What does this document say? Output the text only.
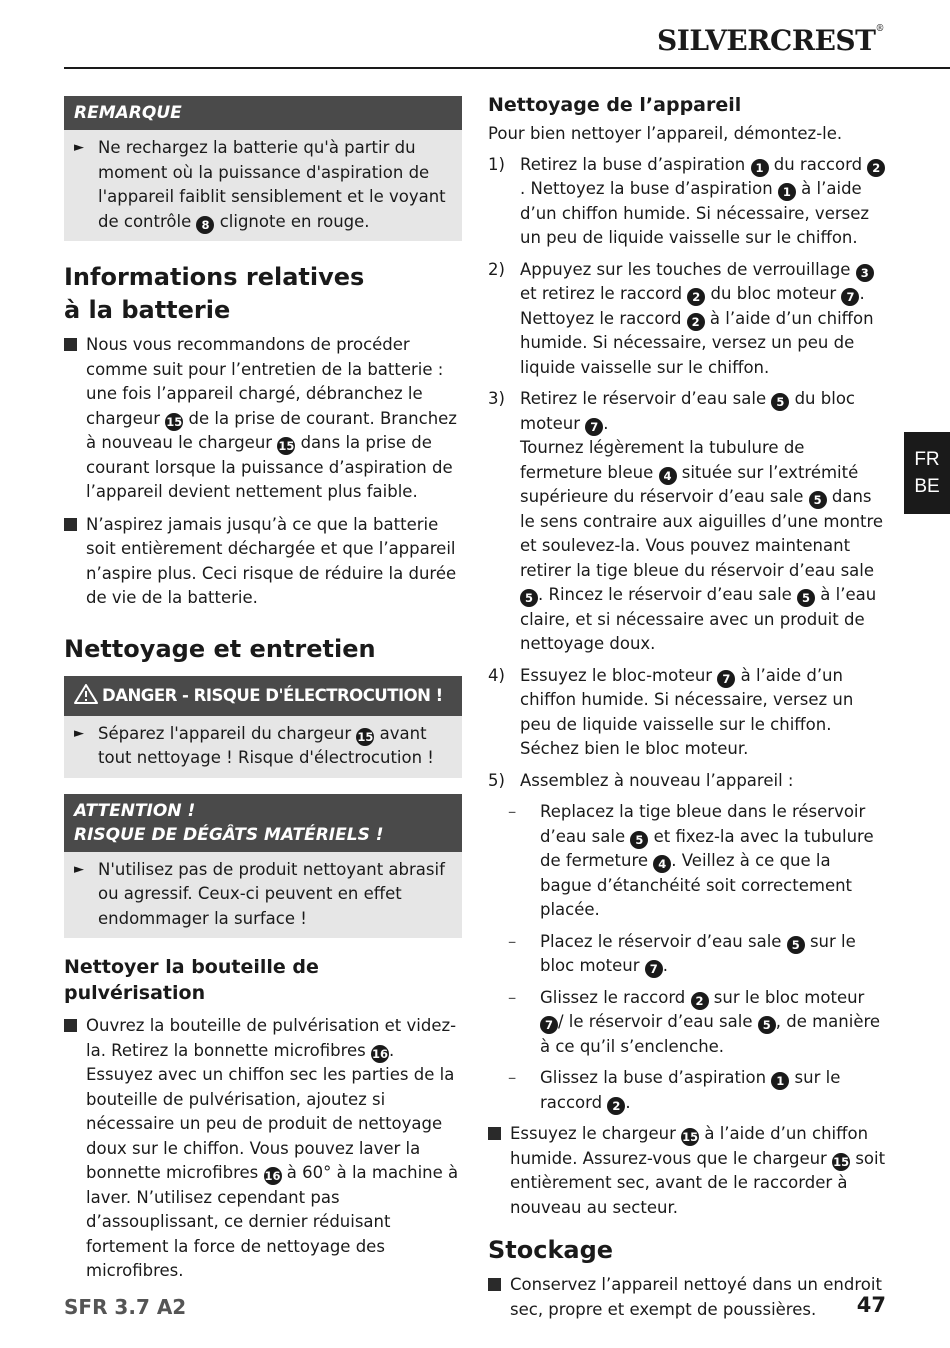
SILVERCREST®
FR
BE
REMARQUE
► Ne rechargez la batterie qu'à partir du moment où la puissance d'aspiration de l'appareil faiblit sensiblement et le voyant de contrôle 8 clignote en rouge.

Informations relatives
à la batterie

Nous vous recommandons de procéder comme suit pour l’entretien de la batterie : une fois l’appareil chargé, débranchez le chargeur 15 de la prise de courant. Branchez à nouveau le chargeur 15 dans la prise de courant lorsque la puissance d’aspiration de l’appareil devient nettement plus faible.

N’aspirez jamais jusqu’à ce que la batterie soit entièrement déchargée et que l’appareil n’aspire plus. Ceci risque de réduire la durée de vie de la batterie.

Nettoyage et entretien
DANGER - RISQUE D'ÉLECTROCUTION !
► Séparez l'appareil du chargeur 15 avant tout nettoyage ! Risque d'électrocution !

ATTENTION !
RISQUE DE DÉGÂTS MATÉRIELS !
► N'utilisez pas de produit nettoyant abrasif ou agressif. Ceux-ci peuvent en effet endommager la surface !

Nettoyer la bouteille de pulvérisation

Ouvrez la bouteille de pulvérisation et videz-la. Retirez la bonnette microfibres 16. Essuyez avec un chiffon sec les parties de la bouteille de pulvérisation, ajoutez si nécessaire un peu de produit de nettoyage doux sur le chiffon. Vous pouvez laver la bonnette microfibres 16 à 60° à la machine à laver. N’utilisez cependant pas d’assouplissant, ce dernier réduisant fortement la force de nettoyage des microfibres.

Nettoyage de l’appareil

Pour bien nettoyer l’appareil, démontez-le.

1) Retirez la buse d’aspiration 1 du raccord 2. Nettoyez la buse d’aspiration 1 à l’aide d’un chiffon humide. Si nécessaire, versez un peu de liquide vaisselle sur le chiffon.

2) Appuyez sur les touches de verrouillage 3 et retirez le raccord 2 du bloc moteur 7 . Nettoyez le raccord 2 à l’aide d’un chiffon humide. Si nécessaire, versez un peu de liquide vaisselle sur le chiffon.

3) Retirez le réservoir d’eau sale 5 du bloc moteur 7 .
Tournez légèrement la tubulure de fermeture bleue 4 située sur l’extrémité supérieure du réservoir d’eau sale 5 dans le sens contraire aux aiguilles d’une montre et soulevez-la. Vous pouvez maintenant retirer la tige bleue du réservoir d’eau sale 5 . Rincez le réservoir d’eau sale 5 à l’eau claire, et si nécessaire avec un produit de nettoyage doux.

4) Essuyez le bloc-moteur 7 à l’aide d’un chiffon humide. Si nécessaire, versez un peu de liquide vaisselle sur le chiffon. Séchez bien le bloc moteur.

5) Assemblez à nouveau l’appareil :

–	Replacez la tige bleue dans le réservoir d’eau sale 5 et fixez-la avec la tubulure de fermeture 4 . Veillez à ce que la bague d’étanchéité soit correctement placée.

–	Placez le réservoir d’eau sale 5 sur le bloc moteur 7 .

–	Glissez le raccord 2 sur le bloc moteur 7 / le réservoir d’eau sale 5 , de manière à ce qu’il s’enclenche.

–	Glissez la buse d’aspiration 1 sur le raccord 2 .

Essuyez le chargeur 15 à l’aide d’un chiffon humide. Assurez-vous que le chargeur 15 soit entièrement sec, avant de le raccorder à nouveau au secteur.

Stockage

Conservez l’appareil nettoyé dans un endroit sec, propre et exempt de poussières.

SFR 3.7 A2	47
